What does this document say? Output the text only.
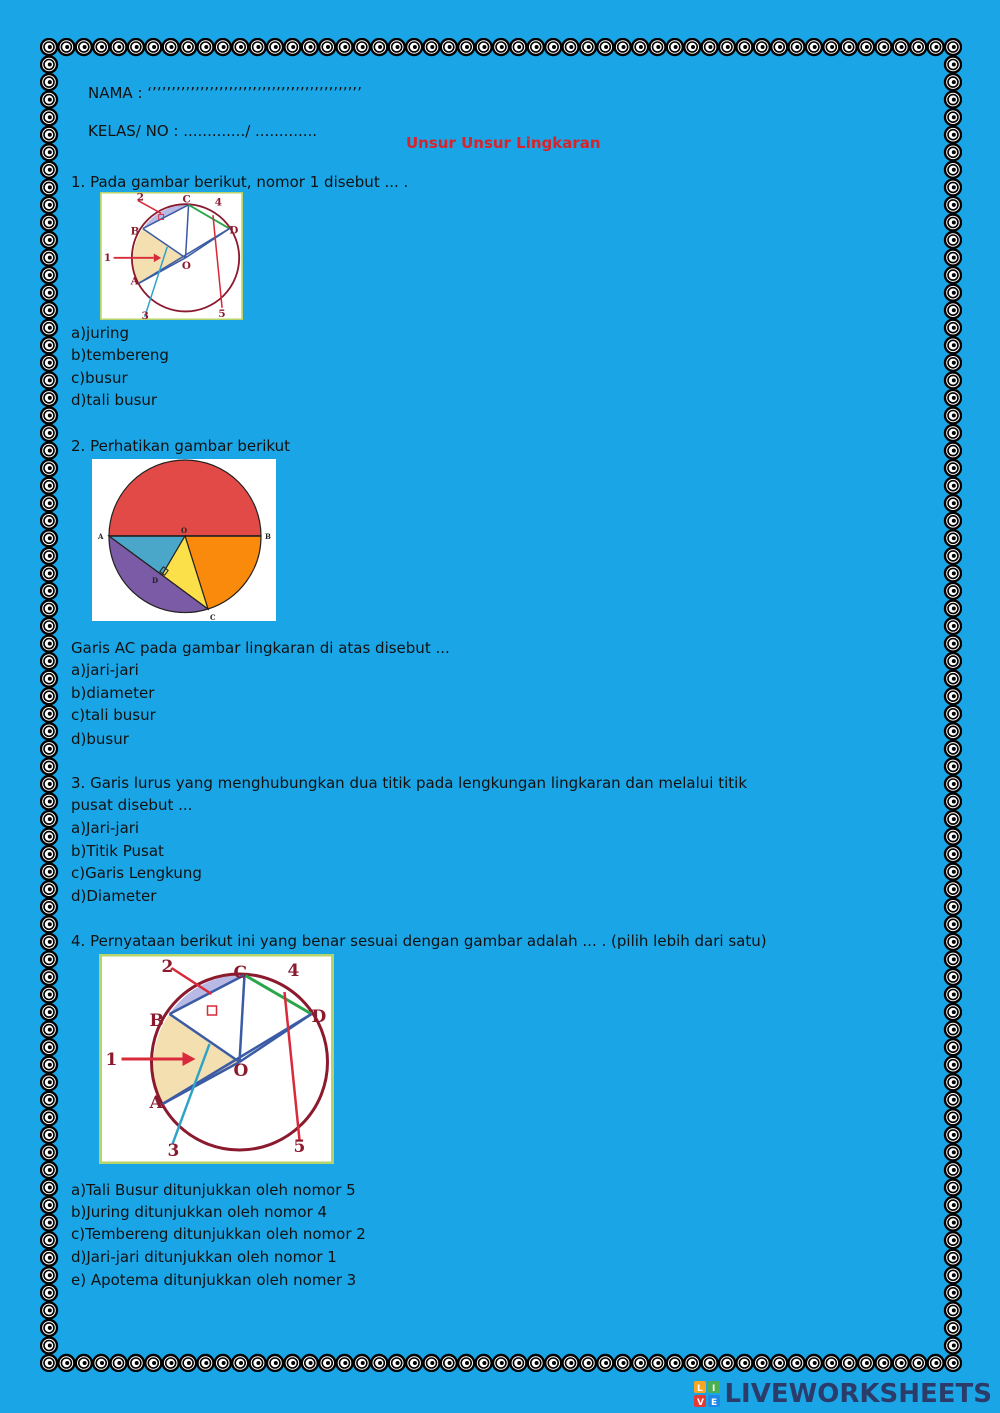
NAMA : ‘’’’’’’’’’’’’’’’’’’’’’’’’’’’’’’’’’’’’’’’’’’’’
KELAS/ NO : ............./ .............
Unsur Unsur Lingkaran
1. Pada gambar berikut, nomor 1 disebut ... .
C
B
A
D
O
1
2
3
4
5
a)juring
b)tembereng
c)busur
d)tali busur
2. Perhatikan gambar berikut
A	B
O
C
D
Garis AC pada gambar lingkaran di atas disebut ...
a)jari-jari
b)diameter
c)tali busur
d)busur
3. Garis lurus yang menghubungkan dua titik pada lengkungan lingkaran dan melalui titik
pusat disebut ...
a)Jari-jari
b)Titik Pusat
c)Garis Lengkung
d)Diameter
4. Pernyataan berikut ini yang benar sesuai dengan gambar adalah ... . (pilih lebih dari satu)
C
B
A
D
O
1
2
3
4
5
a)Tali Busur ditunjukkan oleh nomor 5
b)Juring ditunjukkan oleh nomor 4
c)Tembereng ditunjukkan oleh nomor 2
d)Jari-jari ditunjukkan oleh nomor 1
e) Apotema ditunjukkan oleh nomer 3
L I
V E LIVEWORKSHEETS
